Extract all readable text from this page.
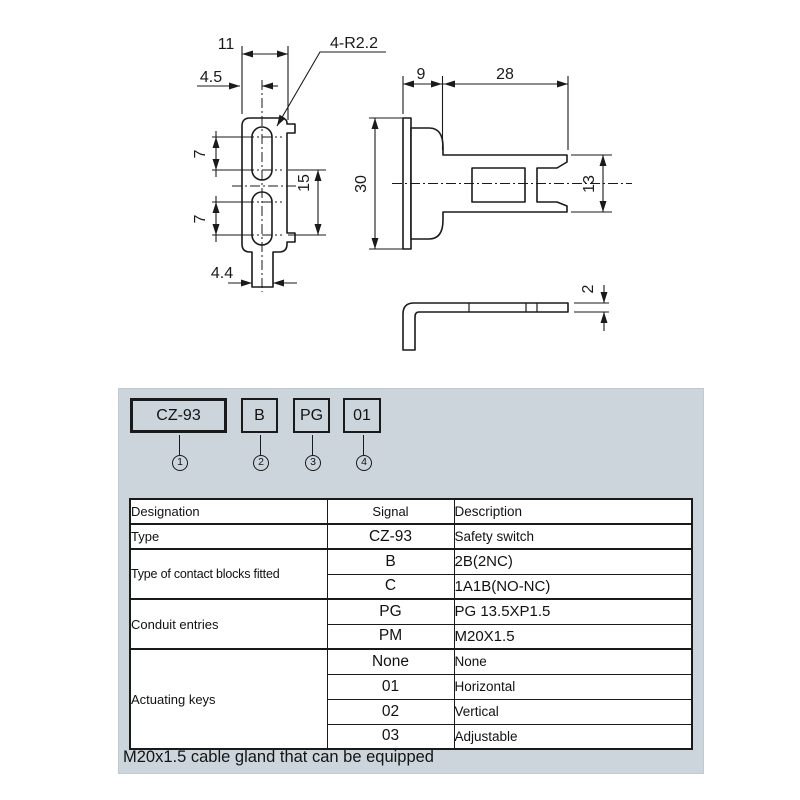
11
4.5
4-R2.2
7
7
15
4.4
9	28
30	13
2
CZ-93	B PG 01
1	2	3	4
Designation	Signal	Description
Type	CZ-93	Safety switch
Type of contact blocks fitted	B	2B(2NC)
	C	1A1B(NO-NC)
Conduit entries	PG	PG 13.5XP1.5
	PM	M20X1.5
Actuating keys	None	None
	01	Horizontal
	02	Vertical
	03	Adjustable
M20x1.5 cable gland that can be equipped
